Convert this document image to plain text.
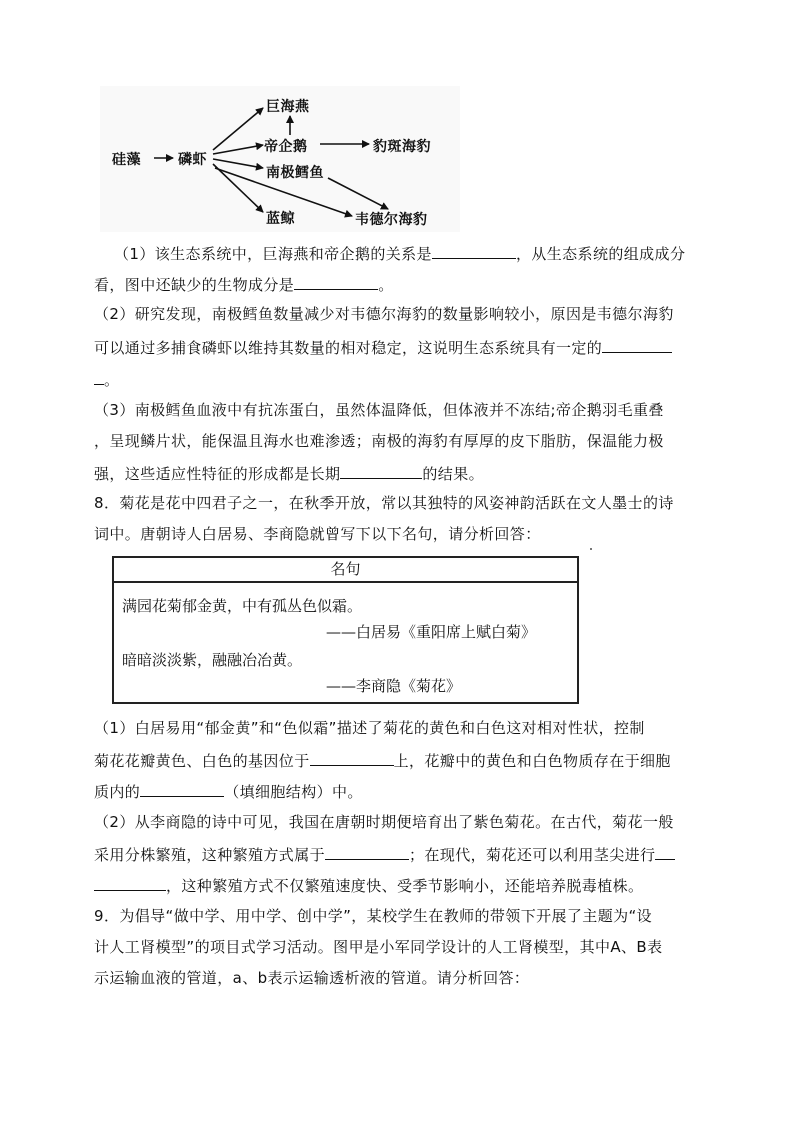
硅藻	磷虾
巨海燕
帝企鹅	豹斑海豹
南极鳕鱼
蓝鲸	韦德尔海豹
（1）该生态系统中，巨海燕和帝企鹅的关系是	，从生态系统的组成成分
看，图中还缺少的生物成分是	。
（2）研究发现，南极鳕鱼数量减少对韦德尔海豹的数量影响较小，原因是韦德尔海豹
可以通过多捕食磷虾以维持其数量的相对稳定，这说明生态系统具有一定的
。
（3）南极鳕鱼血液中有抗冻蛋白，虽然体温降低，但体液并不冻结;帝企鹅羽毛重叠
，呈现鳞片状，能保温且海水也难渗透；南极的海豹有厚厚的皮下脂肪，保温能力极
强，这些适应性特征的形成都是长期	的结果。
8．菊花是花中四君子之一，在秋季开放，常以其独特的风姿神韵活跃在文人墨士的诗
词中。唐朝诗人白居易、李商隐就曾写下以下名句，请分析回答：
名句
满园花菊郁金黄，中有孤丛色似霜。
——白居易《重阳席上赋白菊》
暗暗淡淡紫，融融冶冶黄。
——李商隐《菊花》
（1）白居易用“郁金黄”和“色似霜”描述了菊花的黄色和白色这对相对性状，控制
菊花花瓣黄色、白色的基因位于	上，花瓣中的黄色和白色物质存在于细胞
质内的	（填细胞结构）中。
（2）从李商隐的诗中可见，我国在唐朝时期便培育出了紫色菊花。在古代，菊花一般
采用分株繁殖，这种繁殖方式属于	；在现代，菊花还可以利用茎尖进行
，这种繁殖方式不仅繁殖速度快、受季节影响小，还能培养脱毒植株。
9．为倡导“做中学、用中学、创中学”，某校学生在教师的带领下开展了主题为“设
计人工肾模型”的项目式学习活动。图甲是小军同学设计的人工肾模型，其中A、B表
示运输血液的管道，a、b表示运输透析液的管道。请分析回答：
